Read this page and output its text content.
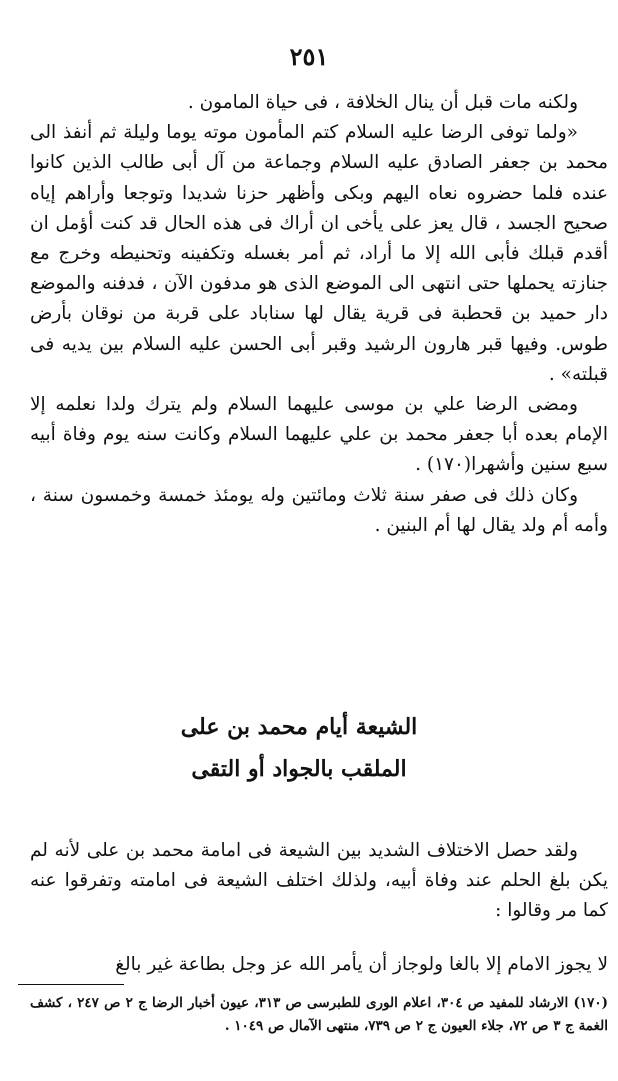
٢٥١

ولكنه مات قبل أن ينال الخلافة ، فى حياة المامون .

«ولما توفى الرضا عليه السلام كتم المأمون موته يوما وليلة ثم أنفذ الى محمد بن جعفر الصادق عليه السلام وجماعة من آل أبى طالب الذين كانوا عنده فلما حضروه نعاه اليهم وبكى وأظهر حزنا شديدا وتوجعا وأراهم إياه صحيح الجسد ، قال يعز على يأخى ان أراك فى هذه الحال قد كنت أؤمل ان أقدم قبلك فأبى الله إلا ما أراد، ثم أمر بغسله وتكفينه وتحنيطه وخرج مع جنازته يحملها حتى انتهى الى الموضع الذى هو مدفون الآن ، فدفنه والموضع دار حميد بن قحطبة فى قرية يقال لها سناباد على قربة من نوقان بأرض طوس. وفيها قبر هارون الرشيد وقبر أبى الحسن عليه السلام بين يديه فى قبلته» .

ومضى الرضا علي بن موسى عليهما السلام ولم يترك ولدا نعلمه إلا الإمام بعده أبا جعفر محمد بن علي عليهما السلام وكانت سنه يوم وفاة أبيه سبع سنين وأشهرا(١٧٠) .

وكان ذلك فى صفر سنة ثلاث ومائتين وله يومئذ خمسة وخمسون سنة ، وأمه أم ولد يقال لها أم البنين .

الشيعة أيام محمد بن على
الملقب بالجواد أو التقى

ولقد حصل الاختلاف الشديد بين الشيعة فى امامة محمد بن على لأنه لم يكن بلغ الحلم عند وفاة أبيه، ولذلك اختلف الشيعة فى امامته وتفرقوا عنه كما مر وقالوا :

لا يجوز الامام إلا بالغا ولوجاز أن يأمر الله عز وجل بطاعة غير بالغ
(١٧٠) الارشاد للمفيد ص ٣٠٤، اعلام الورى للطبرسى ص ٣١٣، عيون أخبار الرضا ج ٢ ص ٢٤٧ ، كشف الغمة ج ٣ ص ٧٢، جلاء العيون ج ٢ ص ٧٣٩، منتهى الآمال ص ١٠٤٩ .
